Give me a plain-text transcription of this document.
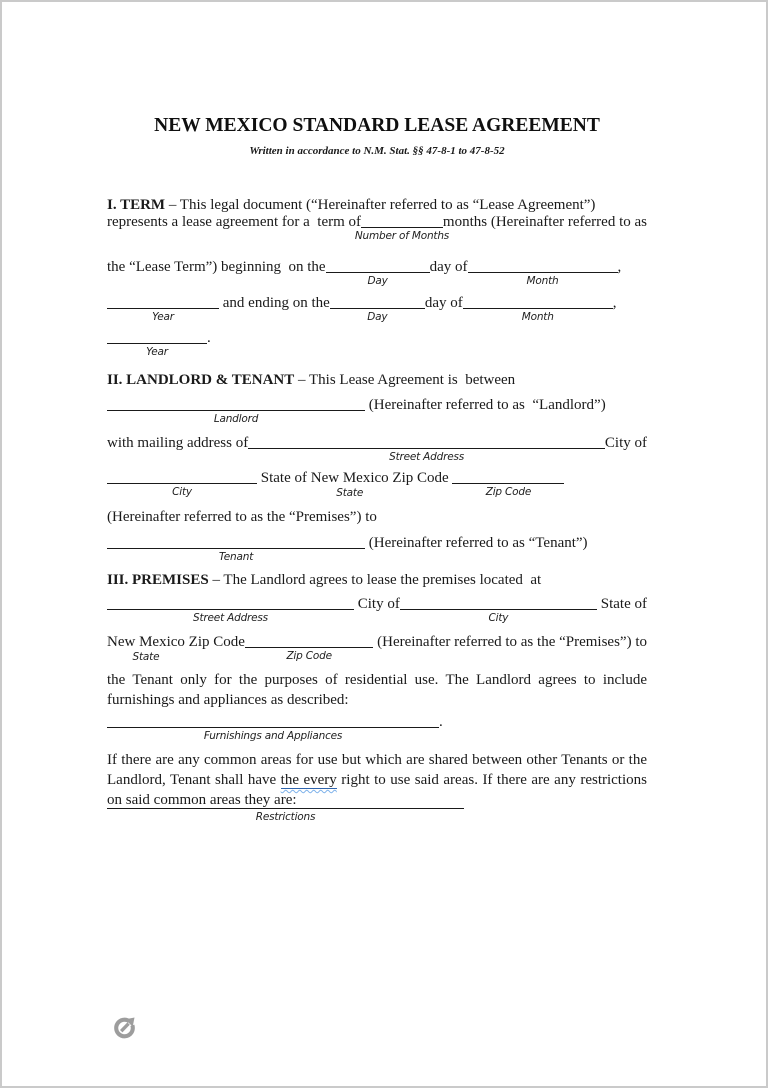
NEW MEXICO STANDARD LEASE AGREEMENT
Written in accordance to N.M. Stat. §§ 47-8-1 to 47-8-52
I. TERM – This legal document (“Hereinafter referred to as “Lease Agreement”)
represents a lease agreement for a  term of
Number of Months
months (Hereinafter referred to as
the “Lease Term”) beginning  on the
Day
day of
Month
,
Year
and ending on the
Day
day of
Month
,
Year
.
II. LANDLORD & TENANT – This Lease Agreement is  between
Landlord
(Hereinafter referred to as  “Landlord”)
with mailing address of
Street Address
City of
City
State of New Mexico
State
Zip Code
Zip Code
(Hereinafter referred to as the “Premises”) to
Tenant
(Hereinafter referred to as “Tenant”)
III. PREMISES – The Landlord agrees to lease the premises located  at
Street Address
City of
City
State of
New Mexico
State
Zip Code
Zip Code
(Hereinafter referred to as the “Premises”) to
the Tenant only for the purposes of residential use. The Landlord agrees to include
furnishings and appliances as described:
Furnishings and Appliances
.
If there are any common areas for use but which are shared between other Tenants or the
Landlord, Tenant shall have the every right to use said areas. If there are any restrictions
on said common areas they are:
Restrictions
